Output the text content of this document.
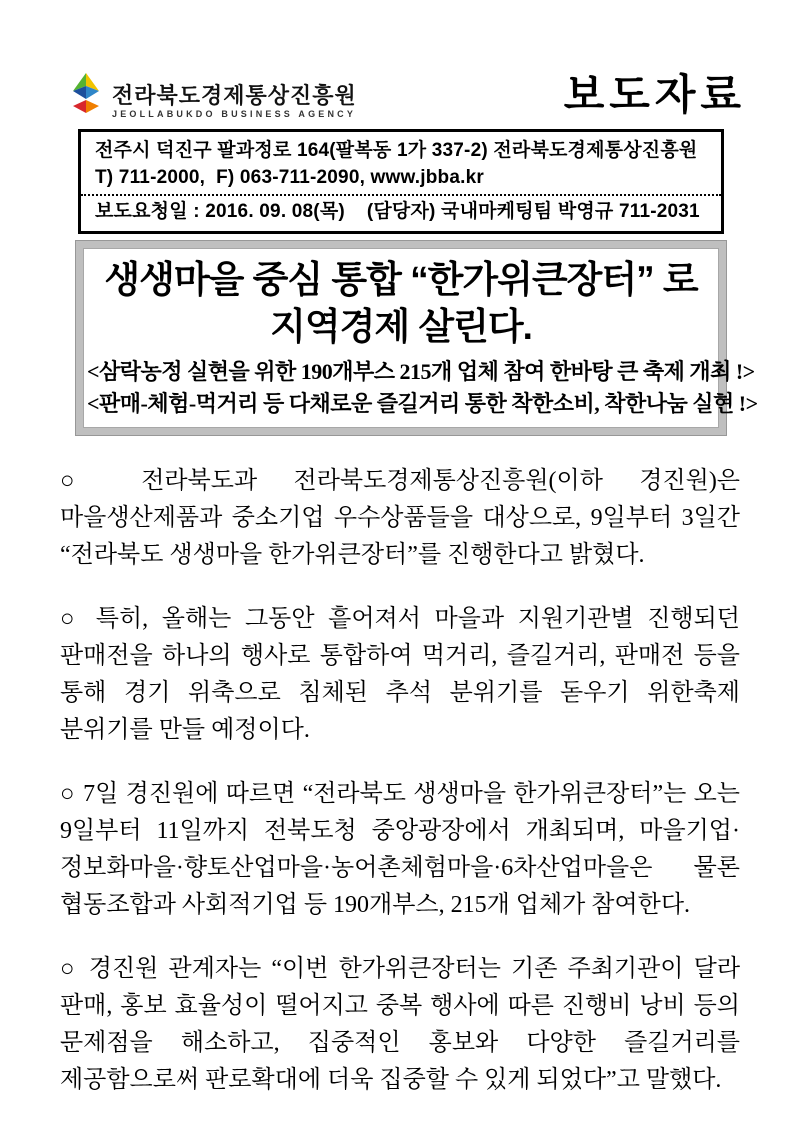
전라북도경제통상진흥원
JEOLLABUKDO BUSINESS AGENCY	보도자료
전주시 덕진구 팔과정로 164(팔복동 1가 337-2) 전라북도경제통상진흥원
T) 711-2000,  F) 063-711-2090, www.jbba.kr
보도요청일 : 2016. 09. 08(목)    (담당자) 국내마케팅팀 박영규 711-2031
생생마을 중심 통합 “한가위큰장터” 로
지역경제 살린다.
<삼락농정 실현을 위한 190개부스 215개 업체 참여 한바탕 큰 축제 개최 !>
<판매-체험-먹거리 등 다채로운 즐길거리 통한 착한소비, 착한나눔 실현 !>

○ 전라북도과 전라북도경제통상진흥원(이하 경진원)은 마을생산제품과 중소기업 우수상품들을 대상으로, 9일부터 3일간 “전라북도 생생마을 한가위큰장터”를 진행한다고 밝혔다.

○ 특히, 올해는 그동안 흩어져서 마을과 지원기관별 진행되던 판매전을 하나의 행사로 통합하여 먹거리, 즐길거리, 판매전 등을 통해 경기 위축으로 침체된 추석 분위기를 돋우기 위한축제 분위기를 만들 예정이다.

○ 7일 경진원에 따르면 “전라북도 생생마을 한가위큰장터”는 오는 9일부터 11일까지 전북도청 중앙광장에서 개최되며, 마을기업·정보화마을·향토산업마을·농어촌체험마을·6차산업마을은 물론 협동조합과 사회적기업 등 190개부스, 215개 업체가 참여한다.

○ 경진원 관계자는 “이번 한가위큰장터는 기존 주최기관이 달라 판매, 홍보 효율성이 떨어지고 중복 행사에 따른 진행비 낭비 등의 문제점을 해소하고, 집중적인 홍보와 다양한 즐길거리를 제공함으로써 판로확대에 더욱 집중할 수 있게 되었다”고 말했다.
